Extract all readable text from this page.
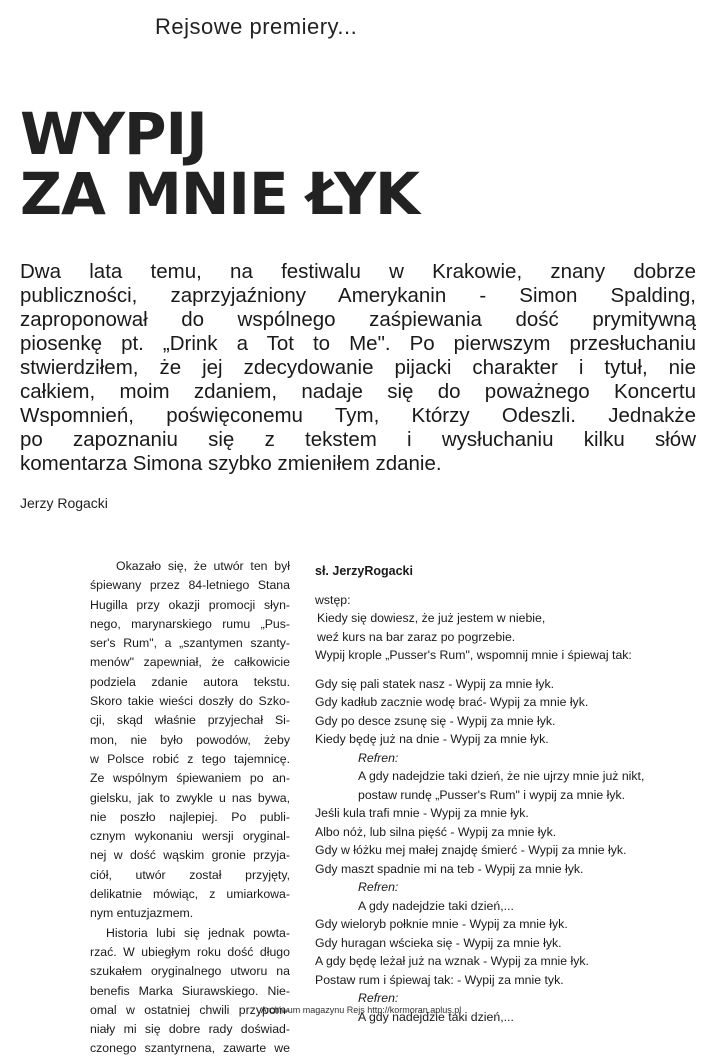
Rejsowe premiery...
WYPIJ
ZA MNIE ŁYK

Dwa lata temu, na festiwalu w Krakowie, znany dobrze
publiczności, zaprzyjaźniony Amerykanin - Simon Spalding,
zaproponował do wspólnego zaśpiewania dość prymitywną
piosenkę pt. „Drink a Tot to Me". Po pierwszym przesłuchaniu
stwierdziłem, że jej zdecydowanie pijacki charakter i tytuł, nie
całkiem, moim zdaniem, nadaje się do poważnego Koncertu
Wspomnień, poświęconemu Tym, Którzy Odeszli. Jednakże
po zapoznaniu się z tekstem i wysłuchaniu kilku słów
komentarza Simona szybko zmieniłem zdanie.

Jerzy Rogacki

Okazało się, że utwór ten był
śpiewany przez 84-letniego Stana
Hugilla przy okazji promocji słyn-
nego, marynarskiego rumu „Pus-
ser's Rum", a „szantymen szanty-
menów" zapewniał, że całkowicie
podziela zdanie autora tekstu.
Skoro takie wieści doszły do Szko-
cji, skąd właśnie przyjechał Si-
mon, nie było powodów, żeby
w Polsce robić z tego tajemnicę.
Ze wspólnym śpiewaniem po an-
gielsku, jak to zwykle u nas bywa,
nie poszło najlepiej. Po publi-
cznym wykonaniu wersji oryginal-
nej w dość wąskim gronie przyja-
ciół, utwór został przyjęty,
delikatnie mówiąc, z umiarkowa-
nym entuzjazmem.
Historia lubi się jednak powta-
rzać. W ubiegłym roku dość długo
szukałem oryginalnego utworu na
benefis Marka Siurawskiego. Nie-
omal w ostatniej chwili przypom-
niały mi się dobre rady doświad-
czonego szantyrnena, zawarte we

sł. JerzyRogacki
wstęp:
Kiedy się dowiesz, że już jestem w niebie,
weź kurs na bar zaraz po pogrzebie.
Wypij krople „Pusser's Rum", wspomnij mnie i śpiewaj tak:
Gdy się pali statek nasz - Wypij za mnie łyk.
Gdy kadłub zacznie wodę brać- Wypij za mnie łyk.
Gdy po desce zsunę się - Wypij za mnie łyk.
Kiedy będę już na dnie - Wypij za mnie łyk.
Refren:
A gdy nadejdzie taki dzień, że nie ujrzy mnie już nikt,
postaw rundę „Pusser's Rum" i wypij za mnie łyk.
Jeśli kula trafi mnie - Wypij za mnie łyk.
Albo nóż, lub silna pięść - Wypij za mnie łyk.
Gdy w łóżku mej małej znajdę śmierć - Wypij za mnie łyk.
Gdy maszt spadnie mi na teb - Wypij za mnie łyk.
Refren:
A gdy nadejdzie taki dzień,...
Gdy wieloryb połknie mnie - Wypij za mnie łyk.
Gdy huragan wścieka się - Wypij za mnie łyk.
A gdy będę leżał już na wznak - Wypij za mnie łyk.
Postaw rum i śpiewaj tak: - Wypij za mnie tyk.
Refren:
A gdy nadejdzie taki dzień,...
Archiwum magazynu Rejs http://kormoran.aplus.pl
